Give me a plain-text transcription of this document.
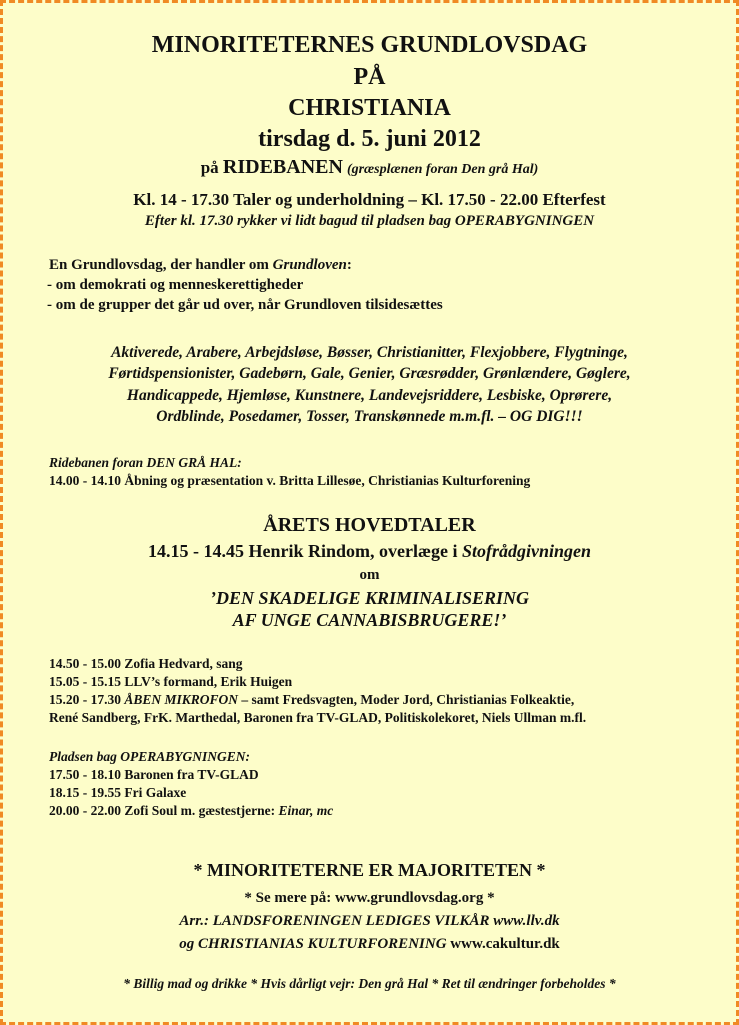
MINORITETERNES GRUNDLOVSDAG
PÅ
CHRISTIANIA
tirsdag d. 5. juni 2012
på RIDEBANEN (græsplænen foran Den grå Hal)
Kl. 14 - 17.30 Taler og underholdning – Kl. 17.50 - 22.00 Efterfest
Efter kl. 17.30 rykker vi lidt bagud til pladsen bag OPERABYGNINGEN
En Grundlovsdag, der handler om Grundloven:
- om demokrati og menneskerettigheder
- om de grupper det går ud over, når Grundloven tilsidesættes
Aktiverede, Arabere, Arbejdsløse, Bøsser, Christianitter, Flexjobbere, Flygtninge,
Førtidspensionister, Gadebørn, Gale, Genier, Græsrødder, Grønlændere, Gøglere,
Handicappede, Hjemløse, Kunstnere, Landevejsriddere, Lesbiske, Oprørere,
Ordblinde, Posedamer, Tosser, Transkønnede m.m.fl. – OG DIG!!!
Ridebanen foran DEN GRÅ HAL:
14.00 - 14.10 Åbning og præsentation v. Britta Lillesøe, Christianias Kulturforening
ÅRETS HOVEDTALER
14.15 - 14.45 Henrik Rindom, overlæge i Stofrådgivningen
om
’DEN SKADELIGE KRIMINALISERING
AF UNGE CANNABISBRUGERE!’
14.50 - 15.00 Zofia Hedvard, sang
15.05 - 15.15 LLV’s formand, Erik Huigen
15.20 - 17.30 ÅBEN MIKROFON – samt Fredsvagten, Moder Jord, Christianias Folkeaktie,
René Sandberg, FrK. Marthedal, Baronen fra TV-GLAD, Politiskolekoret, Niels Ullman m.fl.
Pladsen bag OPERABYGNINGEN:
17.50 - 18.10 Baronen fra TV-GLAD
18.15 - 19.55 Fri Galaxe
20.00 - 22.00 Zofi Soul m. gæstestjerne: Einar, mc
* MINORITETERNE ER MAJORITETEN *
* Se mere på: www.grundlovsdag.org *
Arr.: LANDSFORENINGEN LEDIGES VILKÅR www.llv.dk
og CHRISTIANIAS KULTURFORENING www.cakultur.dk
* Billig mad og drikke * Hvis dårligt vejr: Den grå Hal * Ret til ændringer forbeholdes *
